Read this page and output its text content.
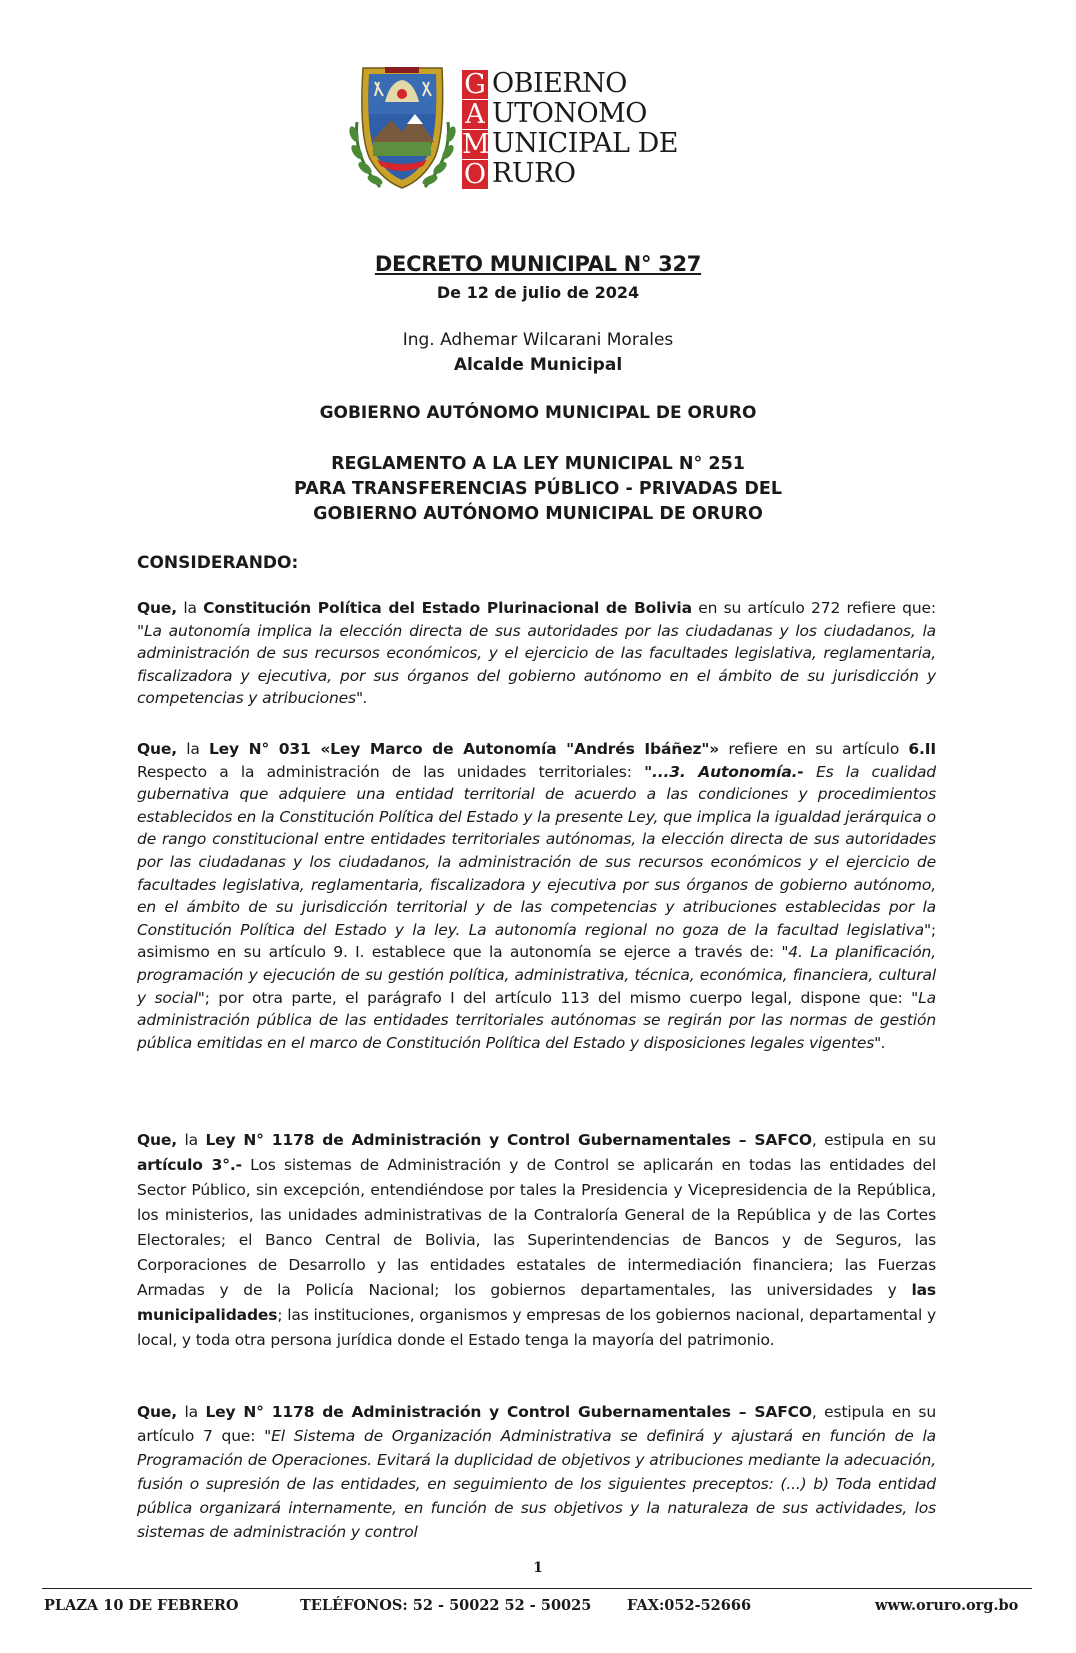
G
A
M
O
OBIERNO
UTONOMO
UNICIPAL DE
RURO
DECRETO MUNICIPAL N° 327
De 12 de julio de 2024
Ing. Adhemar Wilcarani Morales
Alcalde Municipal
GOBIERNO AUTÓNOMO MUNICIPAL DE ORURO
REGLAMENTO A LA LEY MUNICIPAL N° 251
PARA TRANSFERENCIAS PÚBLICO - PRIVADAS DEL
GOBIERNO AUTÓNOMO MUNICIPAL DE ORURO
CONSIDERANDO:
Que, la Constitución Política del Estado Plurinacional de Bolivia en su artículo 272 refiere que: "La autonomía implica la elección directa de sus autoridades por las ciudadanas y los ciudadanos, la administración de sus recursos económicos, y el ejercicio de las facultades legislativa, reglamentaria, fiscalizadora y ejecutiva, por sus órganos del gobierno autónomo en el ámbito de su jurisdicción y competencias y atribuciones".
Que, la Ley N° 031 «Ley Marco de Autonomía "Andrés Ibáñez"» refiere en su artículo 6.II Respecto a la administración de las unidades territoriales: "...3. Autonomía.- Es la cualidad gubernativa que adquiere una entidad territorial de acuerdo a las condiciones y procedimientos establecidos en la Constitución Política del Estado y la presente Ley, que implica la igualdad jerárquica o de rango constitucional entre entidades territoriales autónomas, la elección directa de sus autoridades por las ciudadanas y los ciudadanos, la administración de sus recursos económicos y el ejercicio de facultades legislativa, reglamentaria, fiscalizadora y ejecutiva por sus órganos de gobierno autónomo, en el ámbito de su jurisdicción territorial y de las competencias y atribuciones establecidas por la Constitución Política del Estado y la ley. La autonomía regional no goza de la facultad legislativa"; asimismo en su artículo 9. I. establece que la autonomía se ejerce a través de: "4. La planificación, programación y ejecución de su gestión política, administrativa, técnica, económica, financiera, cultural y social"; por otra parte, el parágrafo I del artículo 113 del mismo cuerpo legal, dispone que: "La administración pública de las entidades territoriales autónomas se regirán por las normas de gestión pública emitidas en el marco de Constitución Política del Estado y disposiciones legales vigentes".
Que, la Ley N° 1178 de Administración y Control Gubernamentales – SAFCO, estipula en su artículo 3°.- Los sistemas de Administración y de Control se aplicarán en todas las entidades del Sector Público, sin excepción, entendiéndose por tales la Presidencia y Vicepresidencia de la República, los ministerios, las unidades administrativas de la Contraloría General de la República y de las Cortes Electorales; el Banco Central de Bolivia, las Superintendencias de Bancos y de Seguros, las Corporaciones de Desarrollo y las entidades estatales de intermediación financiera; las Fuerzas Armadas y de la Policía Nacional; los gobiernos departamentales, las universidades y las municipalidades; las instituciones, organismos y empresas de los gobiernos nacional, departamental y local, y toda otra persona jurídica donde el Estado tenga la mayoría del patrimonio.
Que, la Ley N° 1178 de Administración y Control Gubernamentales – SAFCO, estipula en su artículo 7 que: "El Sistema de Organización Administrativa se definirá y ajustará en función de la Programación de Operaciones. Evitará la duplicidad de objetivos y atribuciones mediante la adecuación, fusión o supresión de las entidades, en seguimiento de los siguientes preceptos: (...) b) Toda entidad pública organizará internamente, en función de sus objetivos y la naturaleza de sus actividades, los sistemas de administración y control
1
PLAZA 10 DE FEBRERO	TELÉFONOS: 52 - 50022 52 - 50025 FAX:052-52666	www.oruro.org.bo
